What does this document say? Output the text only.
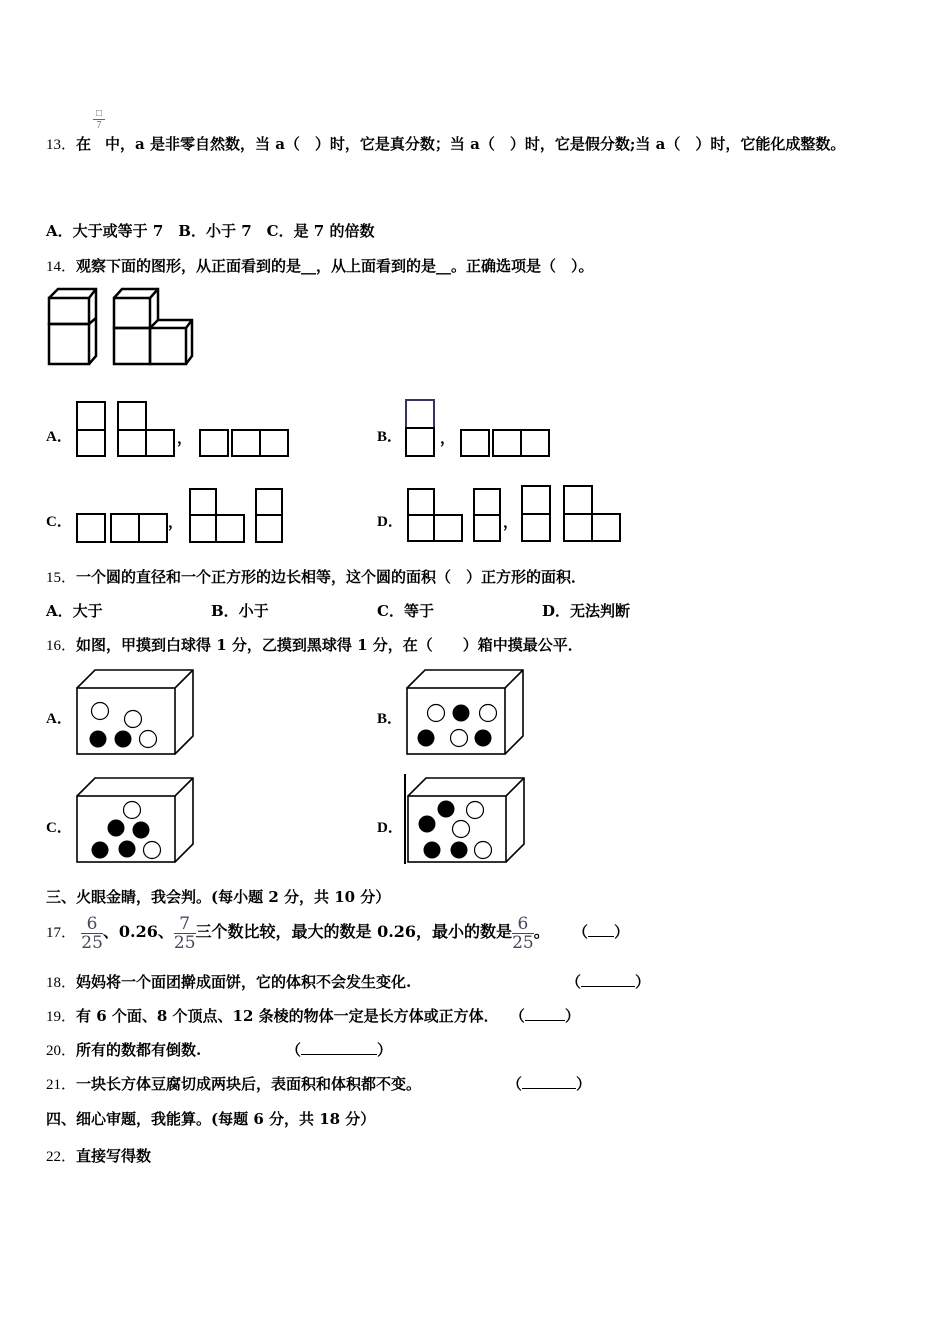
□
7
13．在 中，a 是非零自然数，当 a（　）时，它是真分数；当 a（　）时，它是假分数;当 a（　）时，它能化成整数。
A．大于或等于 7　B．小于 7　C．是 7 的倍数
14．观察下面的图形，从正面看到的是__，从上面看到的是__。正确选项是（　）。
A．	，	B．	，
C．	，	D．	，
15．一个圆的直径和一个正方形的边长相等，这个圆的面积（　）正方形的面积．
A．大于	B．小于	C．等于	D．无法判断
16．如图，甲摸到白球得 1 分，乙摸到黑球得 1 分，在（　　）箱中摸最公平．
A．	B．
C．	D．
三、火眼金睛，我会判。(每小题 2 分，共 10 分）
17． $\frac{6}{25}$ 、0.26、 $\frac{7}{25}$ 三个数比较，最大的数是 0.26，最小的数是 $\frac{6}{25}$ 。 （ ）
18．妈妈将一个面团擀成面饼，它的体积不会发生变化.	（	）
19．有 6 个面、8 个顶点、12 条棱的物体一定是长方体或正方体． （	）
20．所有的数都有倒数.	（	）
21．一块长方体豆腐切成两块后，表面积和体积都不变。	（	）
四、细心审题，我能算。(每题 6 分，共 18 分）
22．直接写得数
